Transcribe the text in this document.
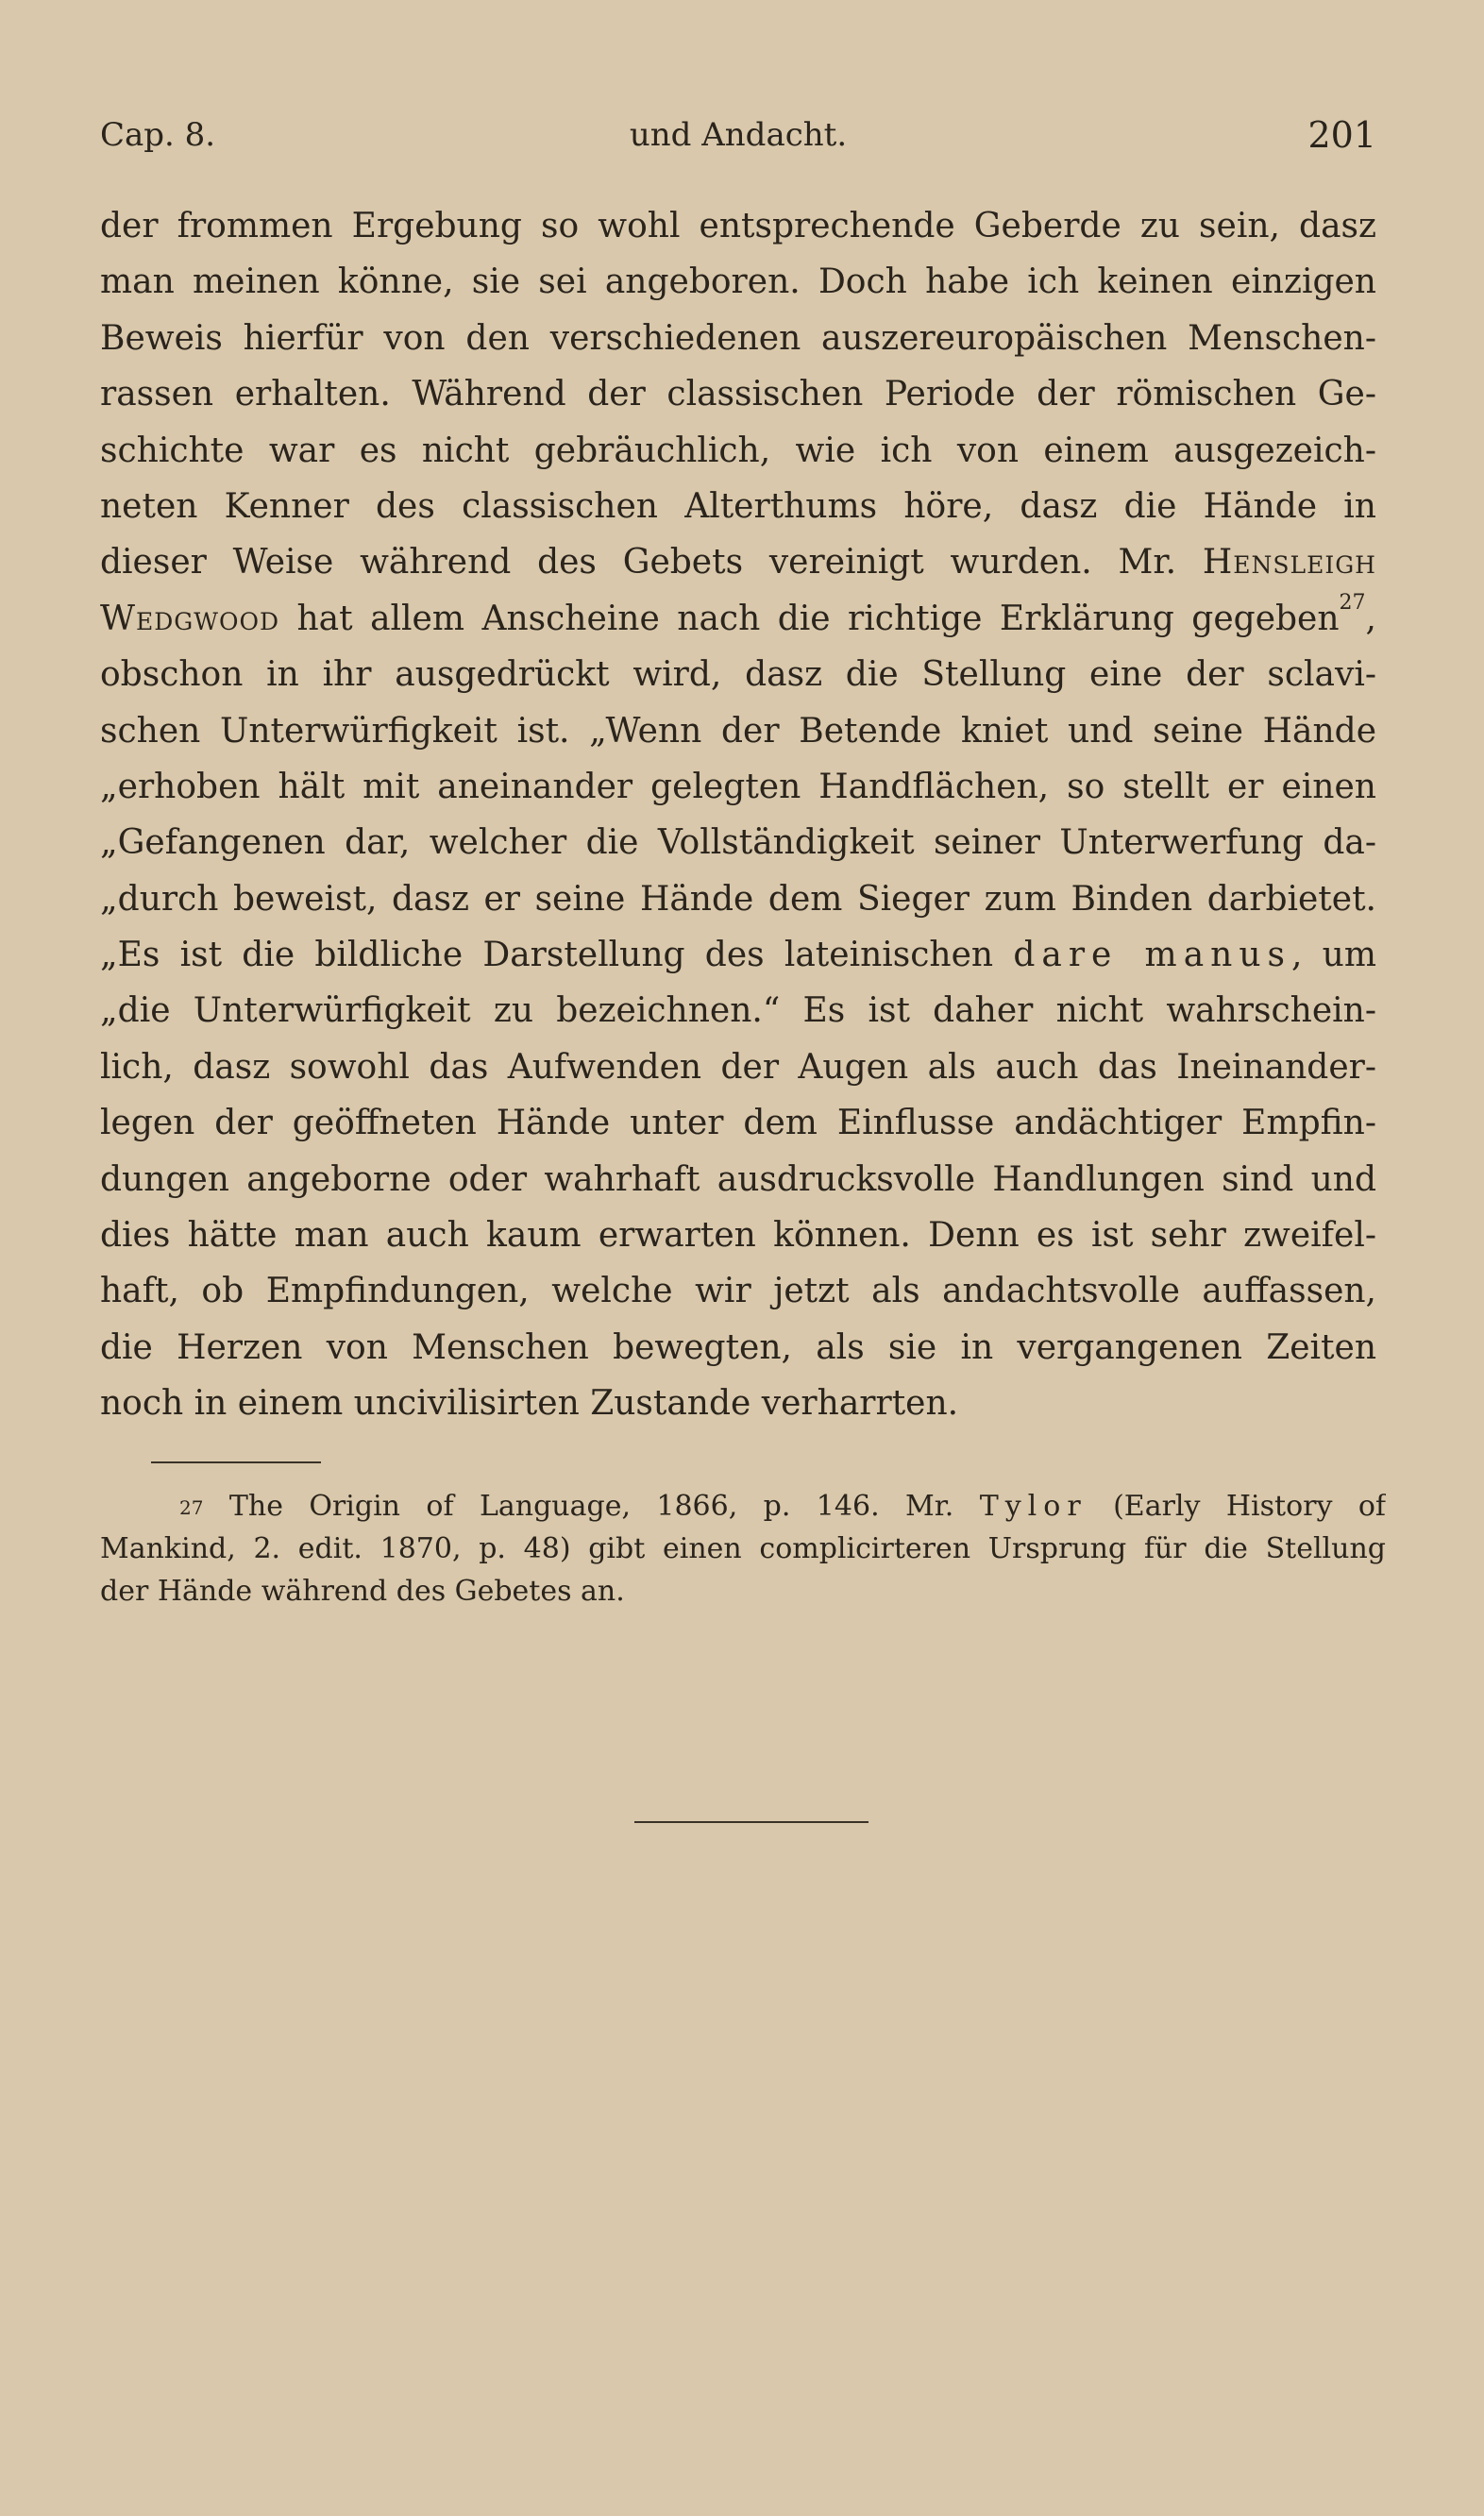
Cap. 8.	und Andacht.	201
der frommen Ergebung so wohl entsprechende Geberde zu sein, dasz
man meinen könne, sie sei angeboren. Doch habe ich keinen einzigen
Beweis hierfür von den verschiedenen auszereuropäischen Menschen-
rassen erhalten. Während der classischen Periode der römischen Ge-
schichte war es nicht gebräuchlich, wie ich von einem ausgezeich-
neten Kenner des classischen Alterthums höre, dasz die Hände in
dieser Weise während des Gebets vereinigt wurden. Mr. Hensleigh
Wedgwood hat allem Anscheine nach die richtige Erklärung gegeben$^{27}$,
obschon in ihr ausgedrückt wird, dasz die Stellung eine der sclavi-
schen Unterwürfigkeit ist. „Wenn der Betende kniet und seine Hände
„erhoben hält mit aneinander gelegten Handflächen, so stellt er einen
„Gefangenen dar, welcher die Vollständigkeit seiner Unterwerfung da-
„durch beweist, dasz er seine Hände dem Sieger zum Binden darbietet.
„Es ist die bildliche Darstellung des lateinischen dare manus, um
„die Unterwürfigkeit zu bezeichnen.“ Es ist daher nicht wahrschein-
lich, dasz sowohl das Aufwenden der Augen als auch das Ineinander-
legen der geöffneten Hände unter dem Einflusse andächtiger Empfin-
dungen angeborne oder wahrhaft ausdrucksvolle Handlungen sind und
dies hätte man auch kaum erwarten können. Denn es ist sehr zweifel-
haft, ob Empfindungen, welche wir jetzt als andachtsvolle auffassen,
die Herzen von Menschen bewegten, als sie in vergangenen Zeiten
noch in einem uncivilisirten Zustande verharrten.
$^{27}$ The Origin of Language, 1866, p. 146. Mr. Tylor (Early History of
Mankind, 2. edit. 1870, p. 48) gibt einen complicirteren Ursprung für die Stellung
der Hände während des Gebetes an.
